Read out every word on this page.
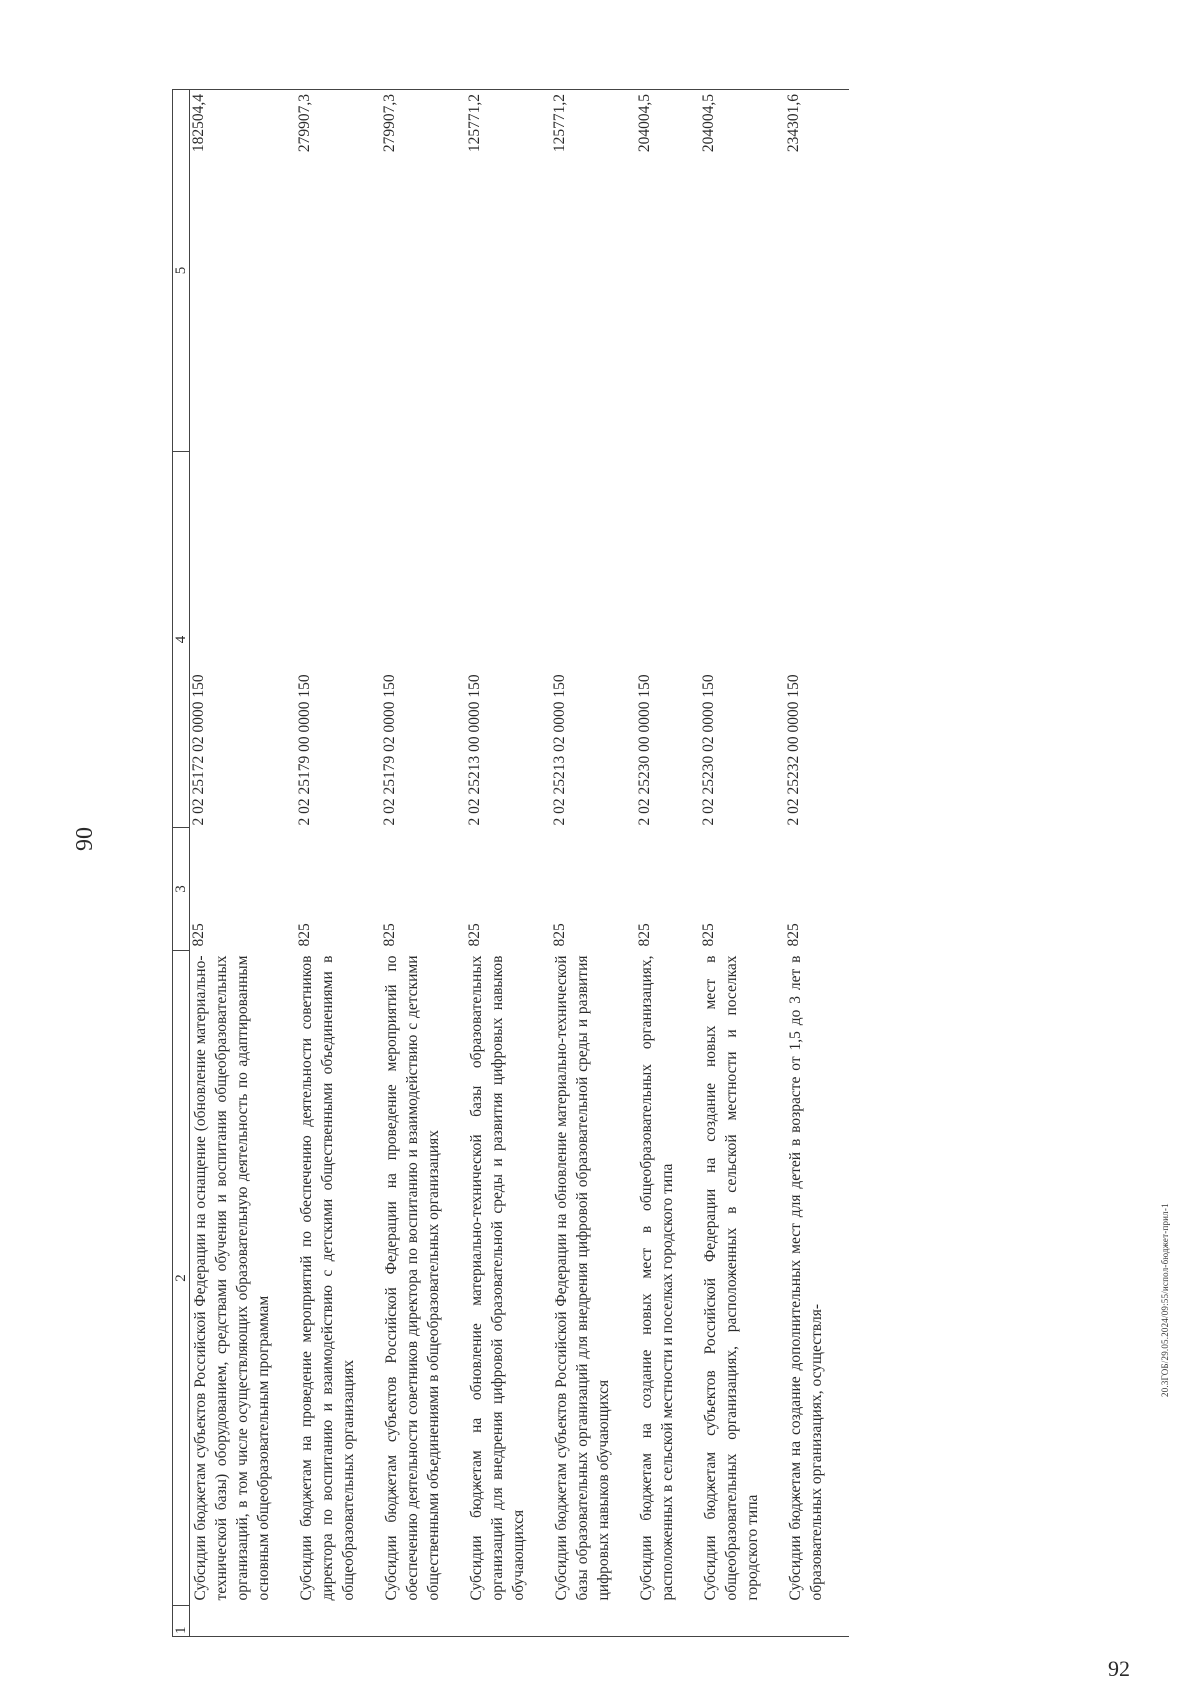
92
90
1	2	3	4	5
	Субсидии бюджетам субъектов Российской Федерации на оснащение (обновление материально-технической базы) оборудованием, средствами обучения и воспитания общеобразовательных организаций, в том числе осуществляющих образовательную деятельность по адаптированным основным общеобразовательным программам	825	2 02 25172 02 0000 150	182504,4
	Субсидии бюджетам на проведение мероприятий по обеспечению деятельности советников директора по воспитанию и взаимодействию с детскими общественными объединениями в общеобразовательных организациях	825	2 02 25179 00 0000 150	279907,3
	Субсидии бюджетам субъектов Российской Федерации на проведение мероприятий по обеспечению деятельности советников директора по воспитанию и взаимодействию с детскими общественными объединениями в общеобразовательных организациях	825	2 02 25179 02 0000 150	279907,3
	Субсидии бюджетам на обновление материально-технической базы образовательных организаций для внедрения цифровой образовательной среды и развития цифровых навыков обучающихся	825	2 02 25213 00 0000 150	125771,2
	Субсидии бюджетам субъектов Российской Федерации на обновление материально-технической базы образовательных организаций для внедрения цифровой образовательной среды и развития цифровых навыков обучающихся	825	2 02 25213 02 0000 150	125771,2
	Субсидии бюджетам на создание новых мест в общеобразовательных организациях, расположенных в сельской местности и поселках городского типа	825	2 02 25230 00 0000 150	204004,5
	Субсидии бюджетам субъектов Российской Федерации на создание новых мест в общеобразовательных организациях, расположенных в сельской местности и поселках городского типа	825	2 02 25230 02 0000 150	204004,5
	Субсидии бюджетам на создание дополнительных мест для детей в возрасте от 1,5 до 3 лет в образовательных организациях, осуществля-	825	2 02 25232 00 0000 150	234301,6
20.3ГОБ/29.05.2024/09:55/испол-бюджет-прил-1
